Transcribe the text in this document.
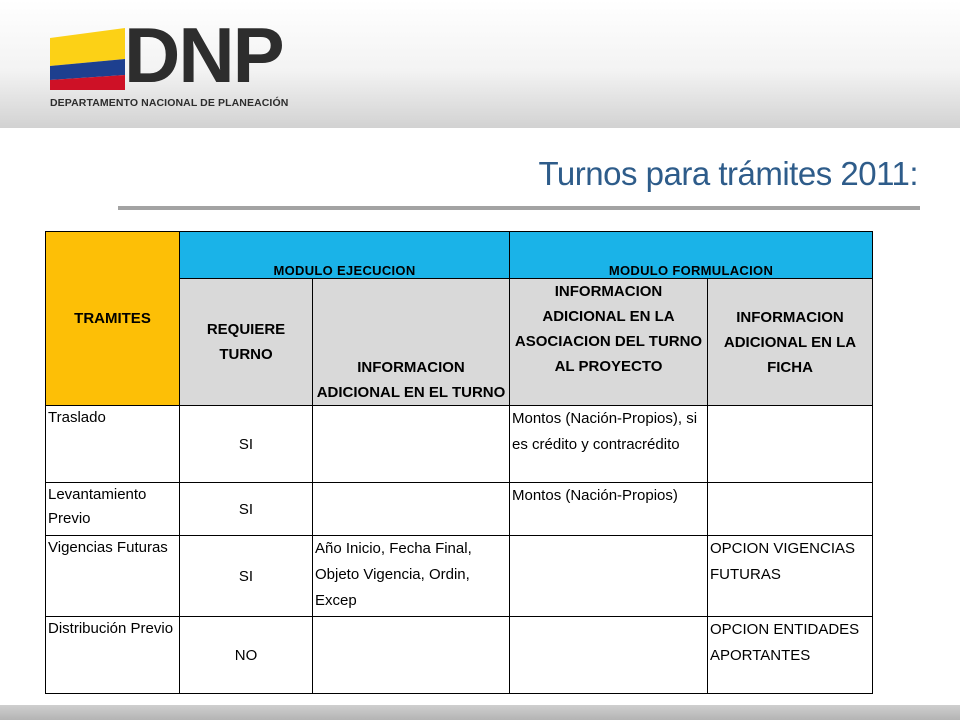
DNP
DEPARTAMENTO NACIONAL DE PLANEACIÓN
Turnos para trámites 2011:
TRAMITES	MODULO EJECUCION		MODULO FORMULACION	
	REQUIERE TURNO	INFORMACION ADICIONAL EN EL TURNO	INFORMACION ADICIONAL EN LA ASOCIACION DEL TURNO AL PROYECTO	INFORMACION ADICIONAL EN LA FICHA
Traslado	SI		Montos (Nación-Propios), si es crédito y contracrédito	
Levantamiento Previo	SI		Montos (Nación-Propios)	
Vigencias Futuras	SI	Año Inicio, Fecha Final, Objeto Vigencia, Ordin, Excep		OPCION VIGENCIAS FUTURAS
Distribución Previo	NO			OPCION ENTIDADES APORTANTES
